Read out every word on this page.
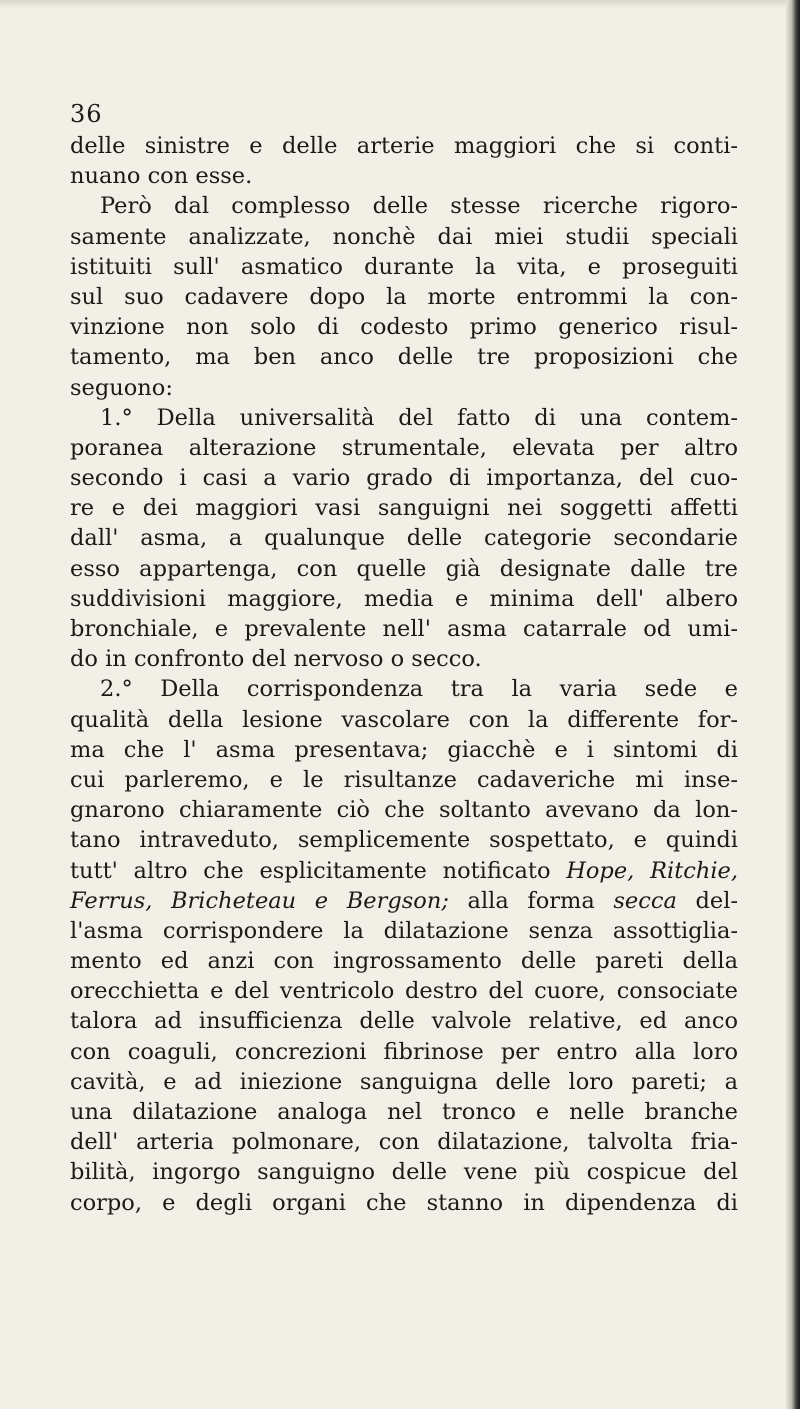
36
delle sinistre e delle arterie maggiori che si conti-
nuano con esse.
Però dal complesso delle stesse ricerche rigoro-
samente analizzate, nonchè dai miei studii speciali
istituiti sull' asmatico durante la vita, e proseguiti
sul suo cadavere dopo la morte entrommi la con-
vinzione non solo di codesto primo generico risul-
tamento, ma ben anco delle tre proposizioni che
seguono:
1.° Della universalità del fatto di una contem-
poranea alterazione strumentale, elevata per altro
secondo i casi a vario grado di importanza, del cuo-
re e dei maggiori vasi sanguigni nei soggetti affetti
dall' asma, a qualunque delle categorie secondarie
esso appartenga, con quelle già designate dalle tre
suddivisioni maggiore, media e minima dell' albero
bronchiale, e prevalente nell' asma catarrale od umi-
do in confronto del nervoso o secco.
2.° Della corrispondenza tra la varia sede e
qualità della lesione vascolare con la differente for-
ma che l' asma presentava; giacchè e i sintomi di
cui parleremo, e le risultanze cadaveriche mi inse-
gnarono chiaramente ciò che soltanto avevano da lon-
tano intraveduto, semplicemente sospettato, e quindi
tutt' altro che esplicitamente notificato Hope, Ritchie,
Ferrus, Bricheteau e Bergson; alla forma secca del-
l'asma corrispondere la dilatazione senza assottiglia-
mento ed anzi con ingrossamento delle pareti della
orecchietta e del ventricolo destro del cuore, consociate
talora ad insufficienza delle valvole relative, ed anco
con coaguli, concrezioni fibrinose per entro alla loro
cavità, e ad iniezione sanguigna delle loro pareti; a
una dilatazione analoga nel tronco e nelle branche
dell' arteria polmonare, con dilatazione, talvolta fria-
bilità, ingorgo sanguigno delle vene più cospicue del
corpo, e degli organi che stanno in dipendenza di
